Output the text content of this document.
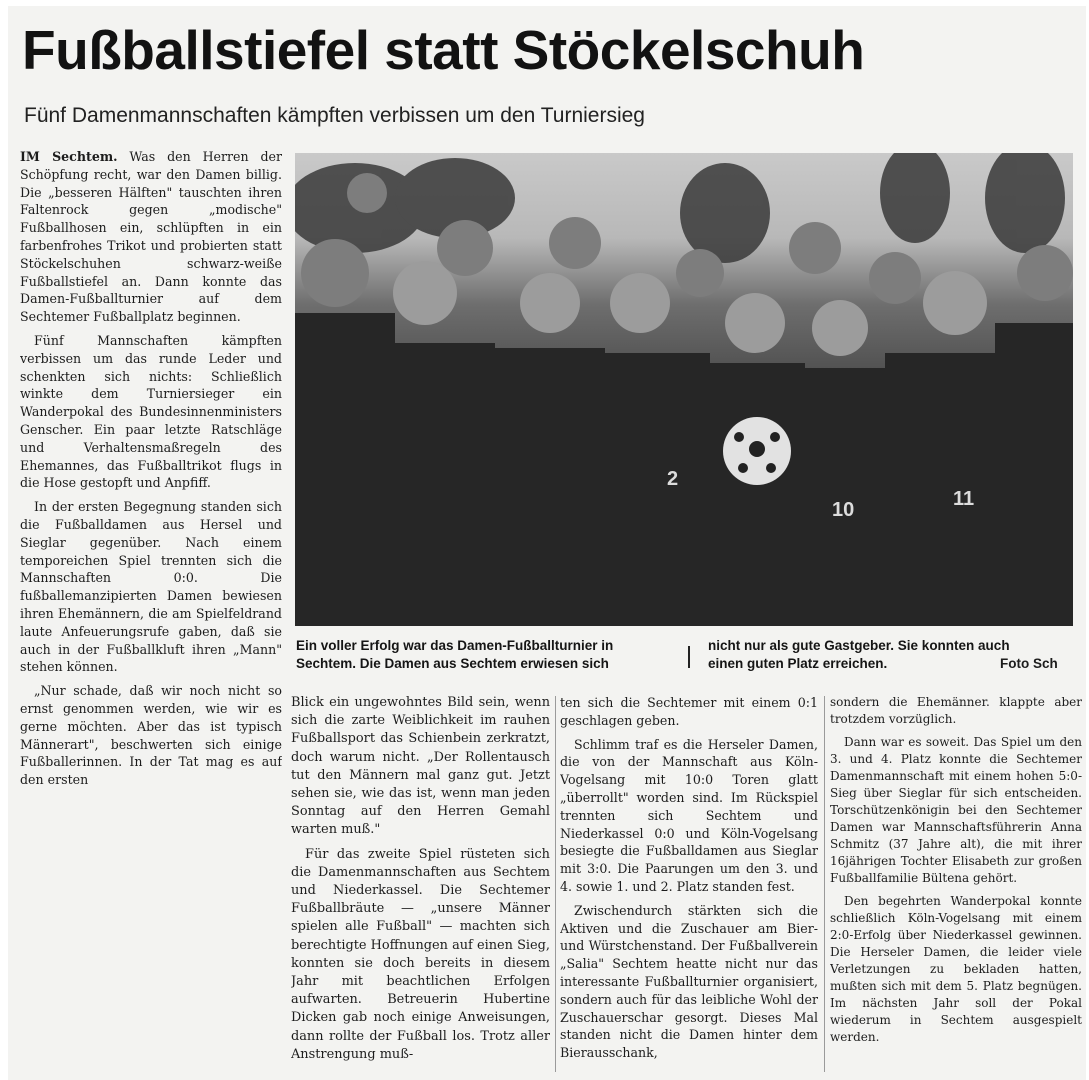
Fußballstiefel statt Stöckelschuh
Fünf Damenmannschaften kämpften verbissen um den Turniersieg

IM Sechtem. Was den Herren der Schöpfung recht, war den Damen billig. Die „besseren Hälften" tauschten ihren Faltenrock gegen „modische" Fußballhosen ein, schlüpften in ein farbenfrohes Trikot und probierten statt Stöckelschuhen schwarz-weiße Fußballstiefel an. Dann konnte das Damen-Fußballturnier auf dem Sechtemer Fußballplatz beginnen.

Fünf Mannschaften kämpften verbissen um das runde Leder und schenkten sich nichts: Schließlich winkte dem Turniersieger ein Wanderpokal des Bundesinnenministers Genscher. Ein paar letzte Ratschläge und Verhaltensmaßregeln des Ehemannes, das Fußballtrikot flugs in die Hose gestopft und Anpfiff.

In der ersten Begegnung standen sich die Fußballdamen aus Hersel und Sieglar gegenüber. Nach einem temporeichen Spiel trennten sich die Mannschaften 0:0. Die fußballemanzipierten Damen bewiesen ihren Ehemännern, die am Spielfeldrand laute Anfeuerungsrufe gaben, daß sie auch in der Fußballkluft ihren „Mann" stehen können.

„Nur schade, daß wir noch nicht so ernst genommen werden, wie wir es gerne möchten. Aber das ist typisch Männerart", beschwerten sich einige Fußballerinnen. In der Tat mag es auf den ersten

2
10	11
Ein voller Erfolg war das Damen-Fußballturnier in
Sechtem. Die Damen aus Sechtem erwiesen sich
nicht nur als gute Gastgeber. Sie konnten auch
einen guten Platz erreichen.	Foto Sch

Blick ein ungewohntes Bild sein, wenn sich die zarte Weiblichkeit im rauhen Fußballsport das Schienbein zerkratzt, doch warum nicht. „Der Rollentausch tut den Männern mal ganz gut. Jetzt sehen sie, wie das ist, wenn man jeden Sonntag auf den Herren Gemahl warten muß."

Für das zweite Spiel rüsteten sich die Damenmannschaften aus Sechtem und Niederkassel. Die Sechtemer Fußballbräute — „unsere Männer spielen alle Fußball" — machten sich berechtigte Hoffnungen auf einen Sieg, konnten sie doch bereits in diesem Jahr mit beachtlichen Erfolgen aufwarten. Betreuerin Hubertine Dicken gab noch einige Anweisungen, dann rollte der Fußball los. Trotz aller Anstrengung muß-

ten sich die Sechtemer mit einem 0:1 geschlagen geben.

Schlimm traf es die Herseler Damen, die von der Mannschaft aus Köln-Vogelsang mit 10:0 Toren glatt „überrollt" worden sind. Im Rückspiel trennten sich Sechtem und Niederkassel 0:0 und Köln-Vogelsang besiegte die Fußballdamen aus Sieglar mit 3:0. Die Paarungen um den 3. und 4. sowie 1. und 2. Platz standen fest.

Zwischendurch stärkten sich die Aktiven und die Zuschauer am Bier- und Würstchenstand. Der Fußballverein „Salia" Sechtem heatte nicht nur das interessante Fußballturnier organisiert, sondern auch für das leibliche Wohl der Zuschauerschar gesorgt. Dieses Mal standen nicht die Damen hinter dem Bierausschank,

sondern die Ehemänner. klappte aber trotzdem vorzüglich.

Dann war es soweit. Das Spiel um den 3. und 4. Platz konnte die Sechtemer Damenmannschaft mit einem hohen 5:0-Sieg über Sieglar für sich entscheiden. Torschützenkönigin bei den Sechtemer Damen war Mannschaftsführerin Anna Schmitz (37 Jahre alt), die mit ihrer 16jährigen Tochter Elisabeth zur großen Fußballfamilie Bültena gehört.

Den begehrten Wanderpokal konnte schließlich Köln-Vogelsang mit einem 2:0-Erfolg über Niederkassel gewinnen. Die Herseler Damen, die leider viele Verletzungen zu bekladen hatten, mußten sich mit dem 5. Platz begnügen. Im nächsten Jahr soll der Pokal wiederum in Sechtem ausgespielt werden.
